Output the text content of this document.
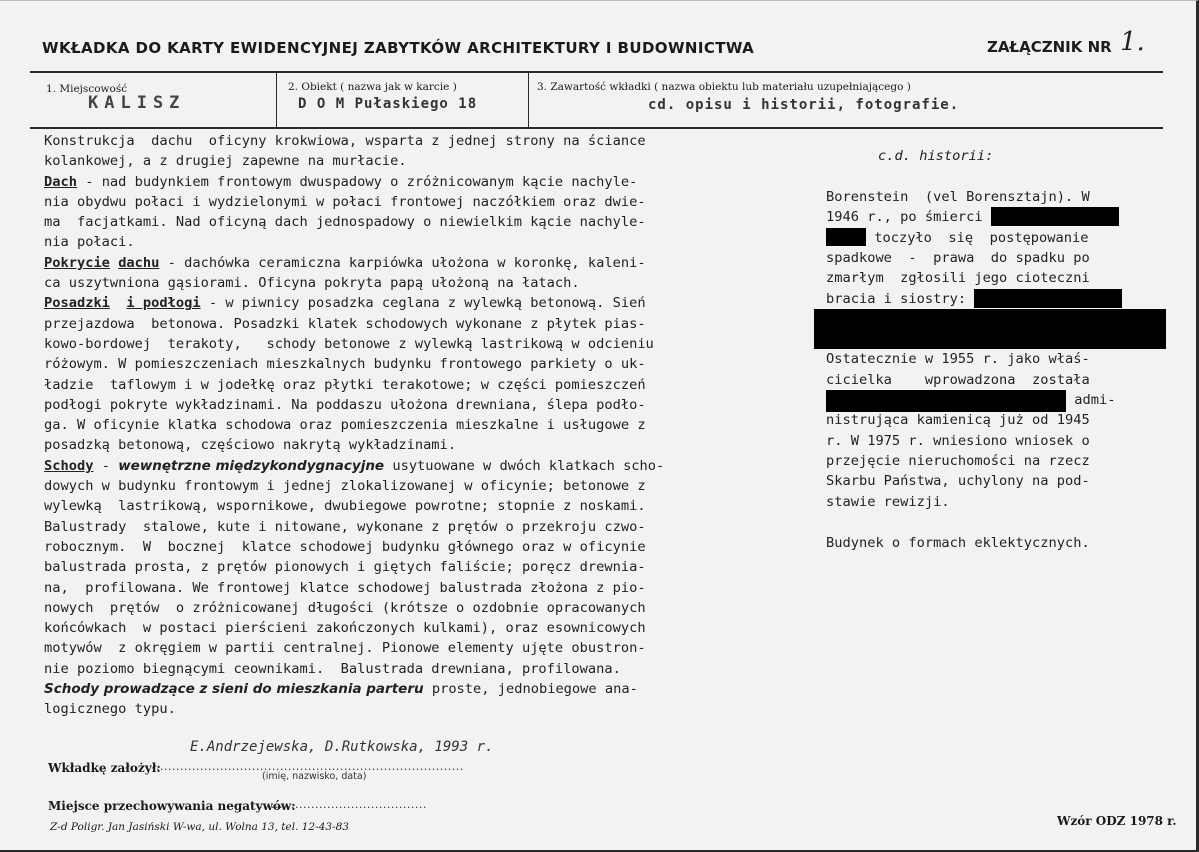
WKŁADKA DO KARTY EWIDENCYJNEJ ZABYTKÓW ARCHITEKTURY I BUDOWNICTWA	ZAŁĄCZNIK NR 1.
1. Miejscowość
KALISZ
2. Obiekt ( nazwa jak w karcie )
D O M Pułaskiego 18
3. Zawartość wkładki ( nazwa obiektu lub materiału uzupełniającego )
cd. opisu i historii, fotografie.
Konstrukcja  dachu  oficyny krokwiowa, wsparta z jednej strony na ściance
kolankowej, a z drugiej zapewne na murłacie.
Dach - nad budynkiem frontowym dwuspadowy o zróżnicowanym kącie nachyle-
nia obydwu połaci i wydzielonymi w połaci frontowej naczółkiem oraz dwie-
ma  facjatkami. Nad oficyną dach jednospadowy o niewielkim kącie nachyle-
nia połaci.
Pokrycie dachu - dachówka ceramiczna karpiówka ułożona w koronkę, kaleni-
ca uszytwniona gąsiorami. Oficyna pokryta papą ułożoną na łatach.
Posadzki i podłogi - w piwnicy posadzka ceglana z wylewką betonową. Sień
przejazdowa  betonowa. Posadzki klatek schodowych wykonane z płytek pias-
kowo-bordowej  terakoty,   schody betonowe z wylewką lastrikową w odcieniu
różowym. W pomieszczeniach mieszkalnych budynku frontowego parkiety o uk-
ładzie  taflowym i w jodełkę oraz płytki terakotowe; w części pomieszczeń
podłogi pokryte wykładzinami. Na poddaszu ułożona drewniana, ślepa podło-
ga. W oficynie klatka schodowa oraz pomieszczenia mieszkalne i usługowe z
posadzką betonową, częściowo nakrytą wykładzinami.
Schody - wewnętrzne międzykondygnacyjne usytuowane w dwóch klatkach scho-
dowych w budynku frontowym i jednej zlokalizowanej w oficynie; betonowe z
wylewką  lastrikową, wspornikowe, dwubiegowe powrotne; stopnie z noskami.
Balustrady  stalowe, kute i nitowane, wykonane z prętów o przekroju czwo-
robocznym.  W  bocznej  klatce schodowej budynku głównego oraz w oficynie
balustrada prosta, z prętów pionowych i giętych faliście; poręcz drewnia-
na,  profilowana. We frontowej klatce schodowej balustrada złożona z pio-
nowych  prętów  o zróżnicowanej długości (krótsze o ozdobnie opracowanych
końcówkach  w postaci pierścieni zakończonych kulkami), oraz esownicowych
motywów  z okręgiem w partii centralnej. Pionowe elementy ujęte obustron-
nie poziomo biegnącymi ceownikami.  Balustrada drewniana, profilowana.
Schody prowadzące z sieni do mieszkania parteru proste, jednobiegowe ana-
logicznego typu.
c.d. historii:
Borenstein  (vel Borensztajn). W
1946 r., po śmierci
toczyło  się  postępowanie
spadkowe  -  prawa  do spadku po
zmarłym  zgłosili jego cioteczni
bracia i siostry:
Ostatecznie w 1955 r. jako właś-
cicielka    wprowadzona  została
admi-
nistrująca kamienicą już od 1945
r. W 1975 r. wniesiono wniosek o
przejęcie nieruchomości na rzecz
Skarbu Państwa, uchylony na pod-
stawie rewizji.
Budynek o formach eklektycznych.
E.Andrzejewska, D.Rutkowska, 1993 r.
Wkładkę założył:
..............................................................................
(imię, nazwisko, data)
Miejsce przechowywania negatywów:
..........................................
Z-d Poligr. Jan Jasiński W-wa, ul. Wolna 13, tel. 12-43-83	Wzór ODZ 1978 r.
